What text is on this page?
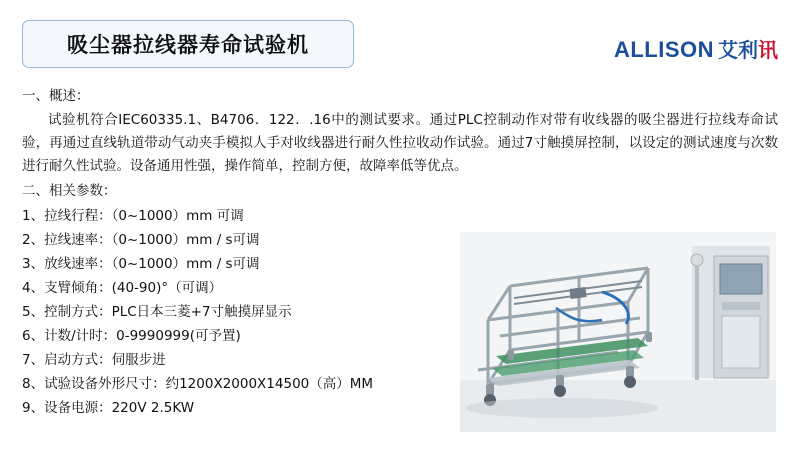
吸尘器拉线器寿命试验机	ALLISON 艾利讯

一、概述：

试验机符合IEC60335.1、B4706．122．.16中的测试要求。通过PLC控制动作对带有收线器的吸尘器进行拉线寿命试验，再通过直线轨道带动气动夹手模拟人手对收线器进行耐久性拉收动作试验。通过7寸触摸屏控制，以设定的测试速度与次数进行耐久性试验。设备通用性强，操作简单，控制方便，故障率低等优点。

二、相关参数：

1、拉线行程：（0~1000）mm 可调
2、拉线速率：（0~1000）mm / s可调
3、放线速率：（0~1000）mm / s可调
4、支臂倾角：(40-90)°（可调）
5、控制方式：PLC日本三菱+7寸触摸屏显示
6、计数/计时：0-9990999(可予置)
7、启动方式：伺服步进
8、试验设备外形尺寸：约1200X2000X14500（高）MM
9、设备电源：220V 2.5KW
